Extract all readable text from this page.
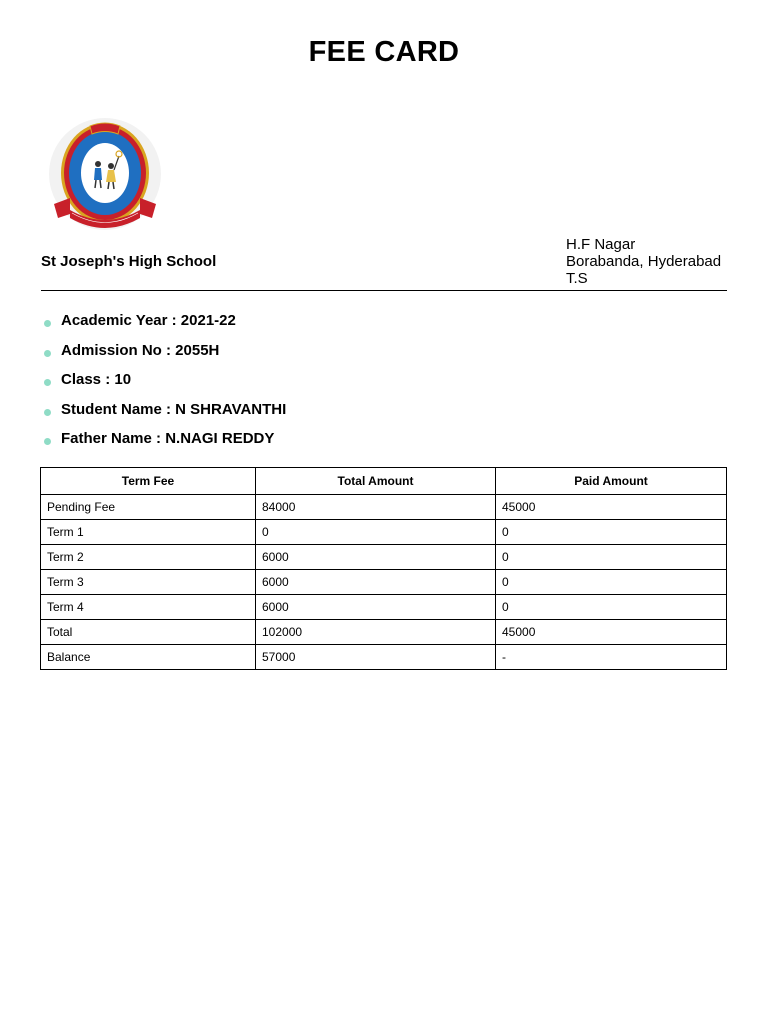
FEE CARD
St Joseph's High School
H.F Nagar
Borabanda, Hyderabad
T.S
Academic Year : 2021-22
Admission No : 2055H
Class : 10
Student Name : N SHRAVANTHI
Father Name : N.NAGI REDDY
Term Fee	Total Amount	Paid Amount
Pending Fee	84000	45000
Term 1	0	0
Term 2	6000	0
Term 3	6000	0
Term 4	6000	0
Total	102000	45000
Balance	57000	-
